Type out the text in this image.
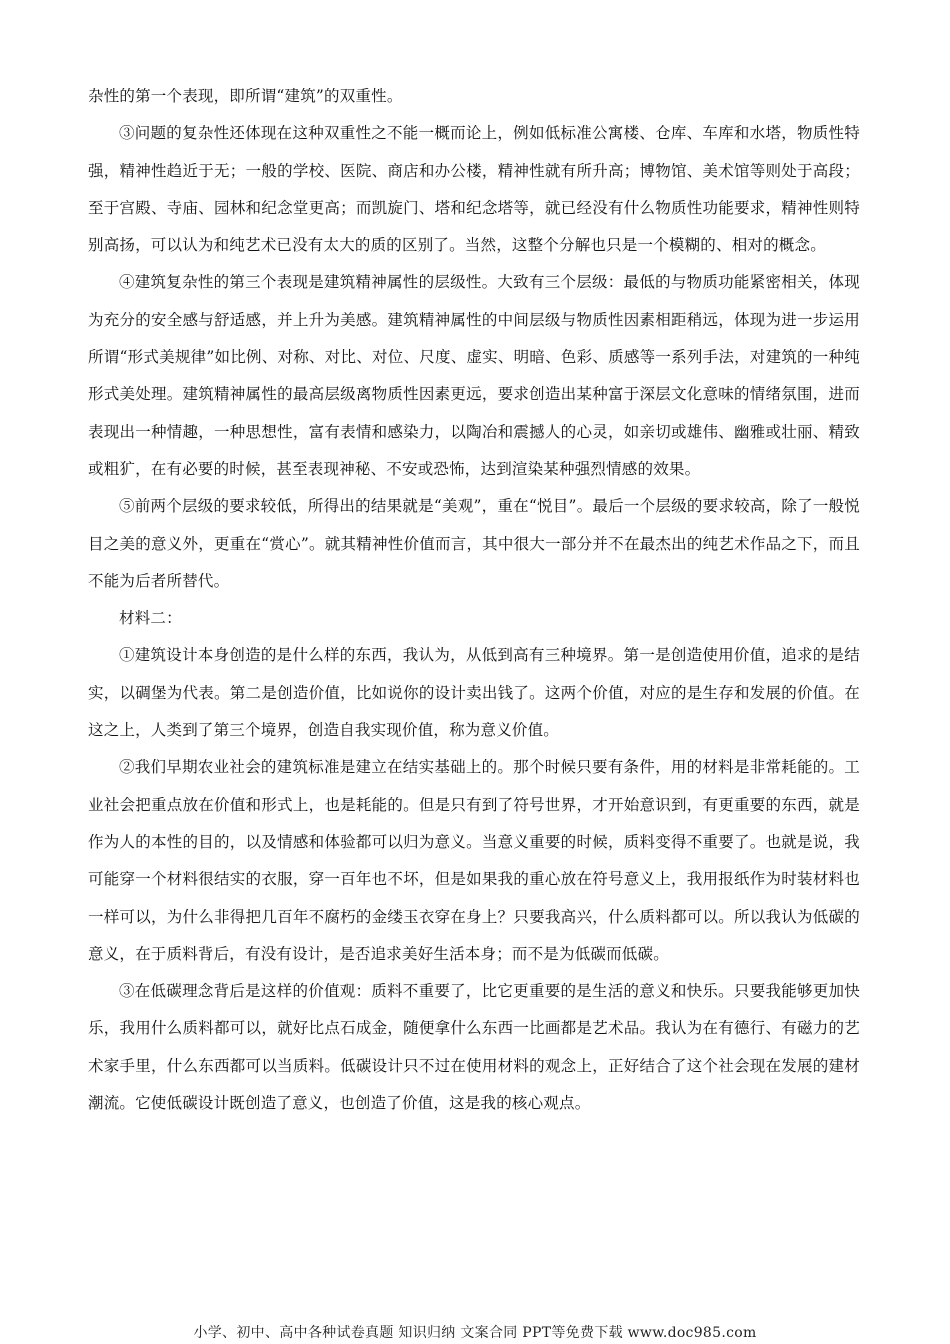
杂性的第一个表现，即所谓“建筑”的双重性。

③问题的复杂性还体现在这种双重性之不能一概而论上，例如低标准公寓楼、仓库、车库和水塔，物质性特强，精神性趋近于无；一般的学校、医院、商店和办公楼，精神性就有所升高；博物馆、美术馆等则处于高段；至于宫殿、寺庙、园林和纪念堂更高；而凯旋门、塔和纪念塔等，就已经没有什么物质性功能要求，精神性则特别高扬，可以认为和纯艺术已没有太大的质的区别了。当然，这整个分解也只是一个模糊的、相对的概念。

④建筑复杂性的第三个表现是建筑精神属性的层级性。大致有三个层级：最低的与物质功能紧密相关，体现为充分的安全感与舒适感，并上升为美感。建筑精神属性的中间层级与物质性因素相距稍远，体现为进一步运用所谓“形式美规律”如比例、对称、对比、对位、尺度、虚实、明暗、色彩、质感等一系列手法，对建筑的一种纯形式美处理。建筑精神属性的最高层级离物质性因素更远，要求创造出某种富于深层文化意味的情绪氛围，进而表现出一种情趣，一种思想性，富有表情和感染力，以陶冶和震撼人的心灵，如亲切或雄伟、幽雅或壮丽、精致或粗犷，在有必要的时候，甚至表现神秘、不安或恐怖，达到渲染某种强烈情感的效果。

⑤前两个层级的要求较低，所得出的结果就是“美观”，重在“悦目”。最后一个层级的要求较高，除了一般悦目之美的意义外，更重在“赏心”。就其精神性价值而言，其中很大一部分并不在最杰出的纯艺术作品之下，而且不能为后者所替代。

材料二：

①建筑设计本身创造的是什么样的东西，我认为，从低到高有三种境界。第一是创造使用价值，追求的是结实，以碉堡为代表。第二是创造价值，比如说你的设计卖出钱了。这两个价值，对应的是生存和发展的价值。在这之上，人类到了第三个境界，创造自我实现价值，称为意义价值。

②我们早期农业社会的建筑标准是建立在结实基础上的。那个时候只要有条件，用的材料是非常耗能的。工业社会把重点放在价值和形式上，也是耗能的。但是只有到了符号世界，才开始意识到，有更重要的东西，就是作为人的本性的目的，以及情感和体验都可以归为意义。当意义重要的时候，质料变得不重要了。也就是说，我可能穿一个材料很结实的衣服，穿一百年也不坏，但是如果我的重心放在符号意义上，我用报纸作为时装材料也一样可以，为什么非得把几百年不腐朽的金缕玉衣穿在身上？只要我高兴，什么质料都可以。所以我认为低碳的意义，在于质料背后，有没有设计，是否追求美好生活本身；而不是为低碳而低碳。

③在低碳理念背后是这样的价值观：质料不重要了，比它更重要的是生活的意义和快乐。只要我能够更加快乐，我用什么质料都可以，就好比点石成金，随便拿什么东西一比画都是艺术品。我认为在有德行、有磁力的艺术家手里，什么东西都可以当质料。低碳设计只不过在使用材料的观念上，正好结合了这个社会现在发展的建材潮流。它使低碳设计既创造了意义，也创造了价值，这是我的核心观点。

小学、初中、高中各种试卷真题 知识归纳 文案合同 PPT等免费下载 www.doc985.com
